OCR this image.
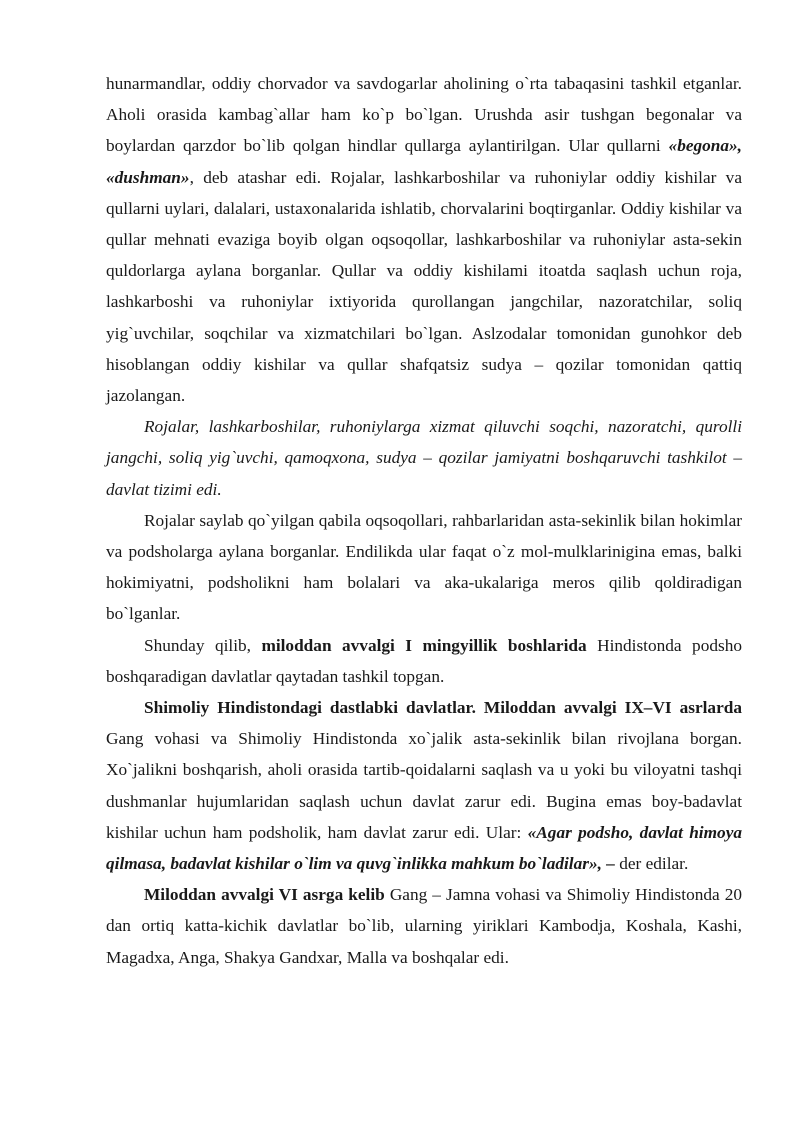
hunarmandlar, oddiy chorvador va savdogarlar aholining o`rta tabaqasini tashkil etganlar. Aholi orasida kambag`allar ham ko`p bo`lgan. Urushda asir tushgan begonalar va boylardan qarzdor bo`lib qolgan hindlar qullarga aylantirilgan. Ular qullarni «begona», «dushman», deb atashar edi. Rojalar, lashkarboshilar va ruhoniylar oddiy kishilar va qullarni uylari, dalalari, ustaxonalarida ishlatib, chorvalarini boqtirganlar. Oddiy kishilar va qullar mehnati evaziga boyib olgan oqsoqollar, lashkarboshilar va ruhoniylar asta-sekin quldorlarga aylana borganlar. Qullar va oddiy kishilami itoatda saqlash uchun roja, lashkarboshi va ruhoniylar ixtiyorida qurollangan jangchilar, nazoratchilar, soliq yig`uvchilar, soqchilar va xizmatchilari bo`lgan. Aslzodalar tomonidan gunohkor deb hisoblangan oddiy kishilar va qullar shafqatsiz sudya – qozilar tomonidan qattiq jazolangan.

Rojalar, lashkarboshilar, ruhoniylarga xizmat qiluvchi soqchi, nazoratchi, qurolli jangchi, soliq yig`uvchi, qamoqxona, sudya – qozilar jamiyatni boshqaruvchi tashkilot – davlat tizimi edi.

Rojalar saylab qo`yilgan qabila oqsoqollari, rahbarlaridan asta-sekinlik bilan hokimlar va podsholarga aylana borganlar. Endilikda ular faqat o`z mol-mulklarinigina emas, balki hokimiyatni, podsholikni ham bolalari va aka-ukalariga meros qilib qoldiradigan bo`lganlar.

Shunday qilib, miloddan avvalgi I mingyillik boshlarida Hindistonda podsho boshqaradigan davlatlar qaytadan tashkil topgan.

Shimoliy Hindistondagi dastlabki davlatlar. Miloddan avvalgi IX–VI asrlarda Gang vohasi va Shimoliy Hindistonda xo`jalik asta-sekinlik bilan rivojlana borgan. Xo`jalikni boshqarish, aholi orasida tartib-qoidalarni saqlash va u yoki bu viloyatni tashqi dushmanlar hujumlaridan saqlash uchun davlat zarur edi. Bugina emas boy-badavlat kishilar uchun ham podsholik, ham davlat zarur edi. Ular: «Agar podsho, davlat himoya qilmasa, badavlat kishilar o`lim va quvg`inlikka mahkum bo`ladilar», – der edilar.

Miloddan avvalgi VI asrga kelib Gang – Jamna vohasi va Shimoliy Hindistonda 20 dan ortiq katta-kichik davlatlar bo`lib, ularning yiriklari Kambodja, Koshala, Kashi, Magadxa, Anga, Shakya Gandxar, Malla va boshqalar edi.
